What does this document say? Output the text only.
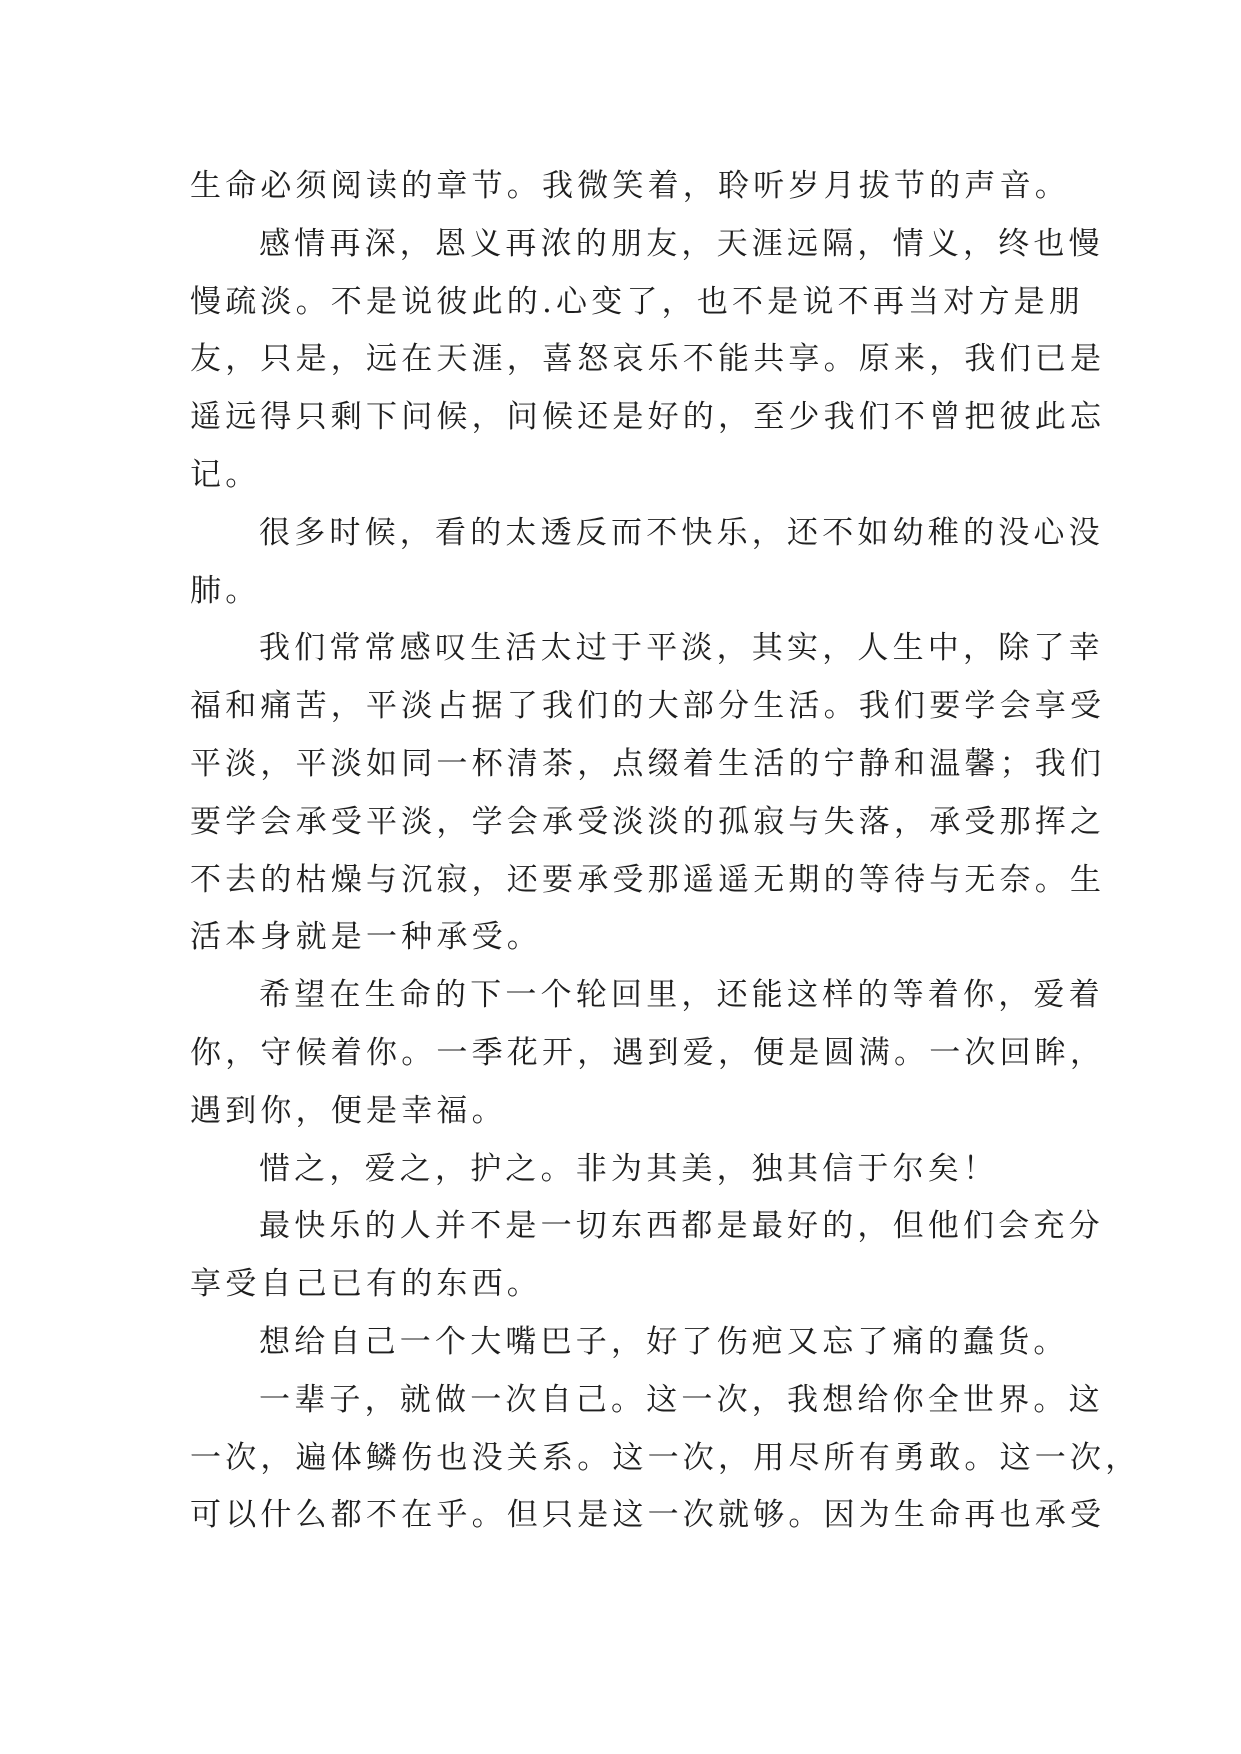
生命必须阅读的章节。我微笑着，聆听岁月拔节的声音。
感情再深，恩义再浓的朋友，天涯远隔，情义，终也慢
慢疏淡。不是说彼此的.心变了，也不是说不再当对方是朋
友，只是，远在天涯，喜怒哀乐不能共享。原来，我们已是
遥远得只剩下问候，问候还是好的，至少我们不曾把彼此忘
记。
很多时候，看的太透反而不快乐，还不如幼稚的没心没
肺。
我们常常感叹生活太过于平淡，其实，人生中，除了幸
福和痛苦，平淡占据了我们的大部分生活。我们要学会享受
平淡，平淡如同一杯清茶，点缀着生活的宁静和温馨；我们
要学会承受平淡，学会承受淡淡的孤寂与失落，承受那挥之
不去的枯燥与沉寂，还要承受那遥遥无期的等待与无奈。生
活本身就是一种承受。
希望在生命的下一个轮回里，还能这样的等着你，爱着
你，守候着你。一季花开，遇到爱，便是圆满。一次回眸，
遇到你，便是幸福。
惜之，爱之，护之。非为其美，独其信于尔矣！
最快乐的人并不是一切东西都是最好的，但他们会充分
享受自己已有的东西。
想给自己一个大嘴巴子，好了伤疤又忘了痛的蠢货。
一辈子，就做一次自己。这一次，我想给你全世界。这
一次，遍体鳞伤也没关系。这一次，用尽所有勇敢。这一次，
可以什么都不在乎。但只是这一次就够。因为生命再也承受
